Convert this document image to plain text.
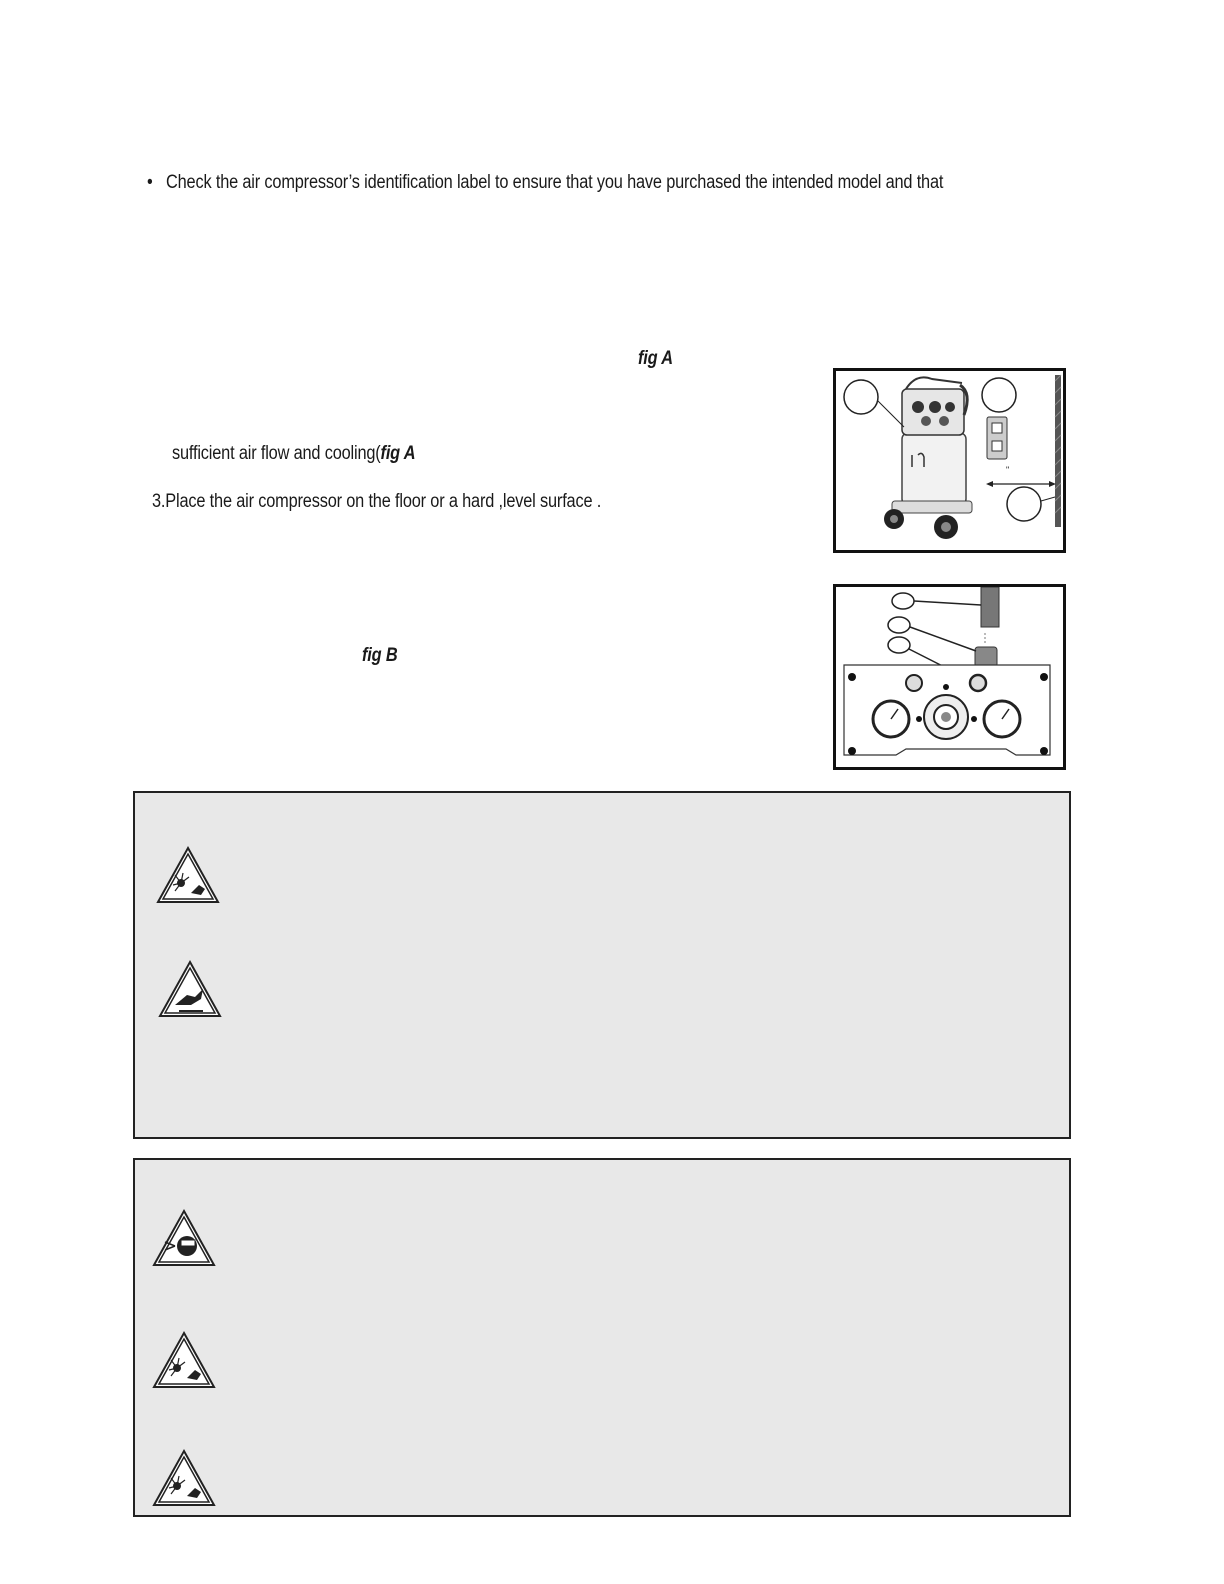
• Check the air compressor’s identification label to ensure that you have purchased the intended model and that
fig A
sufficient air flow and cooling(fig A
3.Place the air compressor on the floor or a hard ,level surface .
fig B
"
